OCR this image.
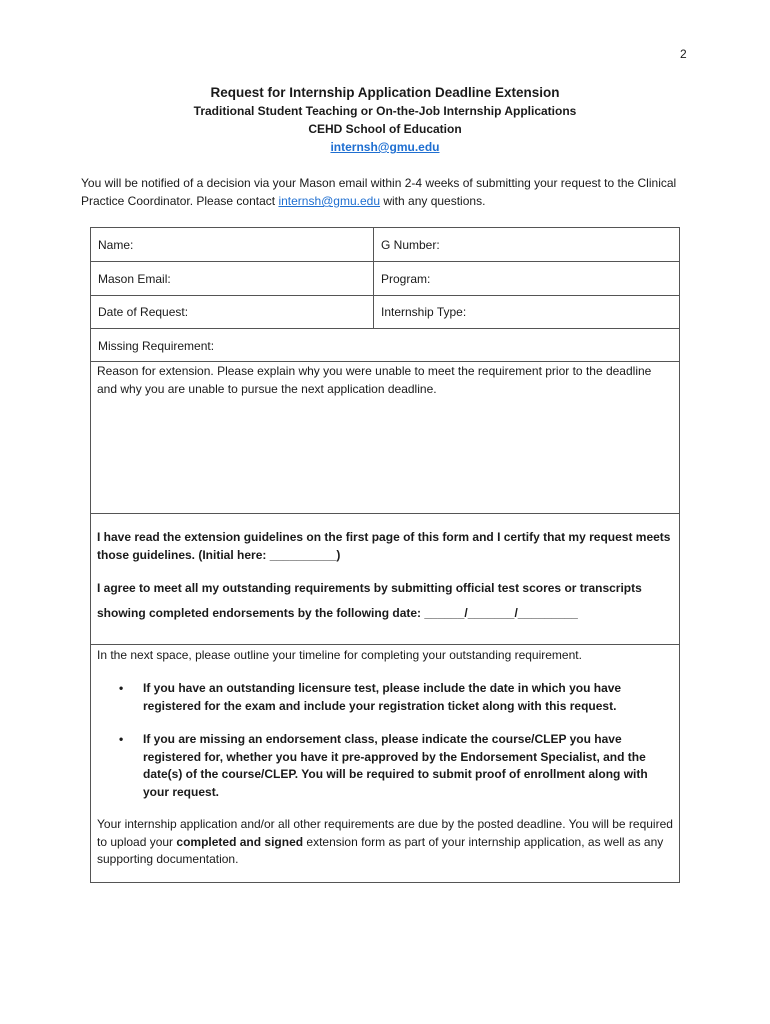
2

Request for Internship Application Deadline Extension

Traditional Student Teaching or On-the-Job Internship Applications

CEHD School of Education

internsh@gmu.edu
You will be notified of a decision via your Mason email within 2-4 weeks of submitting your request to the Clinical Practice Coordinator. Please contact internsh@gmu.edu with any questions.
Name:	G Number:
Mason Email:	Program:
Date of Request:	Internship Type:
Missing Requirement:
Reason for extension. Please explain why you were unable to meet the requirement prior to the deadline and why you are unable to pursue the next application deadline.
I have read the extension guidelines on the first page of this form and I certify that my request meets those guidelines. (Initial here: __________)
I agree to meet all my outstanding requirements by submitting official test scores or transcripts
showing completed endorsements by the following date: ______/_______/_________
In the next space, please outline your timeline for completing your outstanding requirement.
• If you have an outstanding licensure test, please include the date in which you have registered for the exam and include your registration ticket along with this request.
• If you are missing an endorsement class, please indicate the course/CLEP you have registered for, whether you have it pre-approved by the Endorsement Specialist, and the date(s) of the course/CLEP. You will be required to submit proof of enrollment along with your request.
Your internship application and/or all other requirements are due by the posted deadline. You will be required to upload your completed and signed extension form as part of your internship application, as well as any supporting documentation.
